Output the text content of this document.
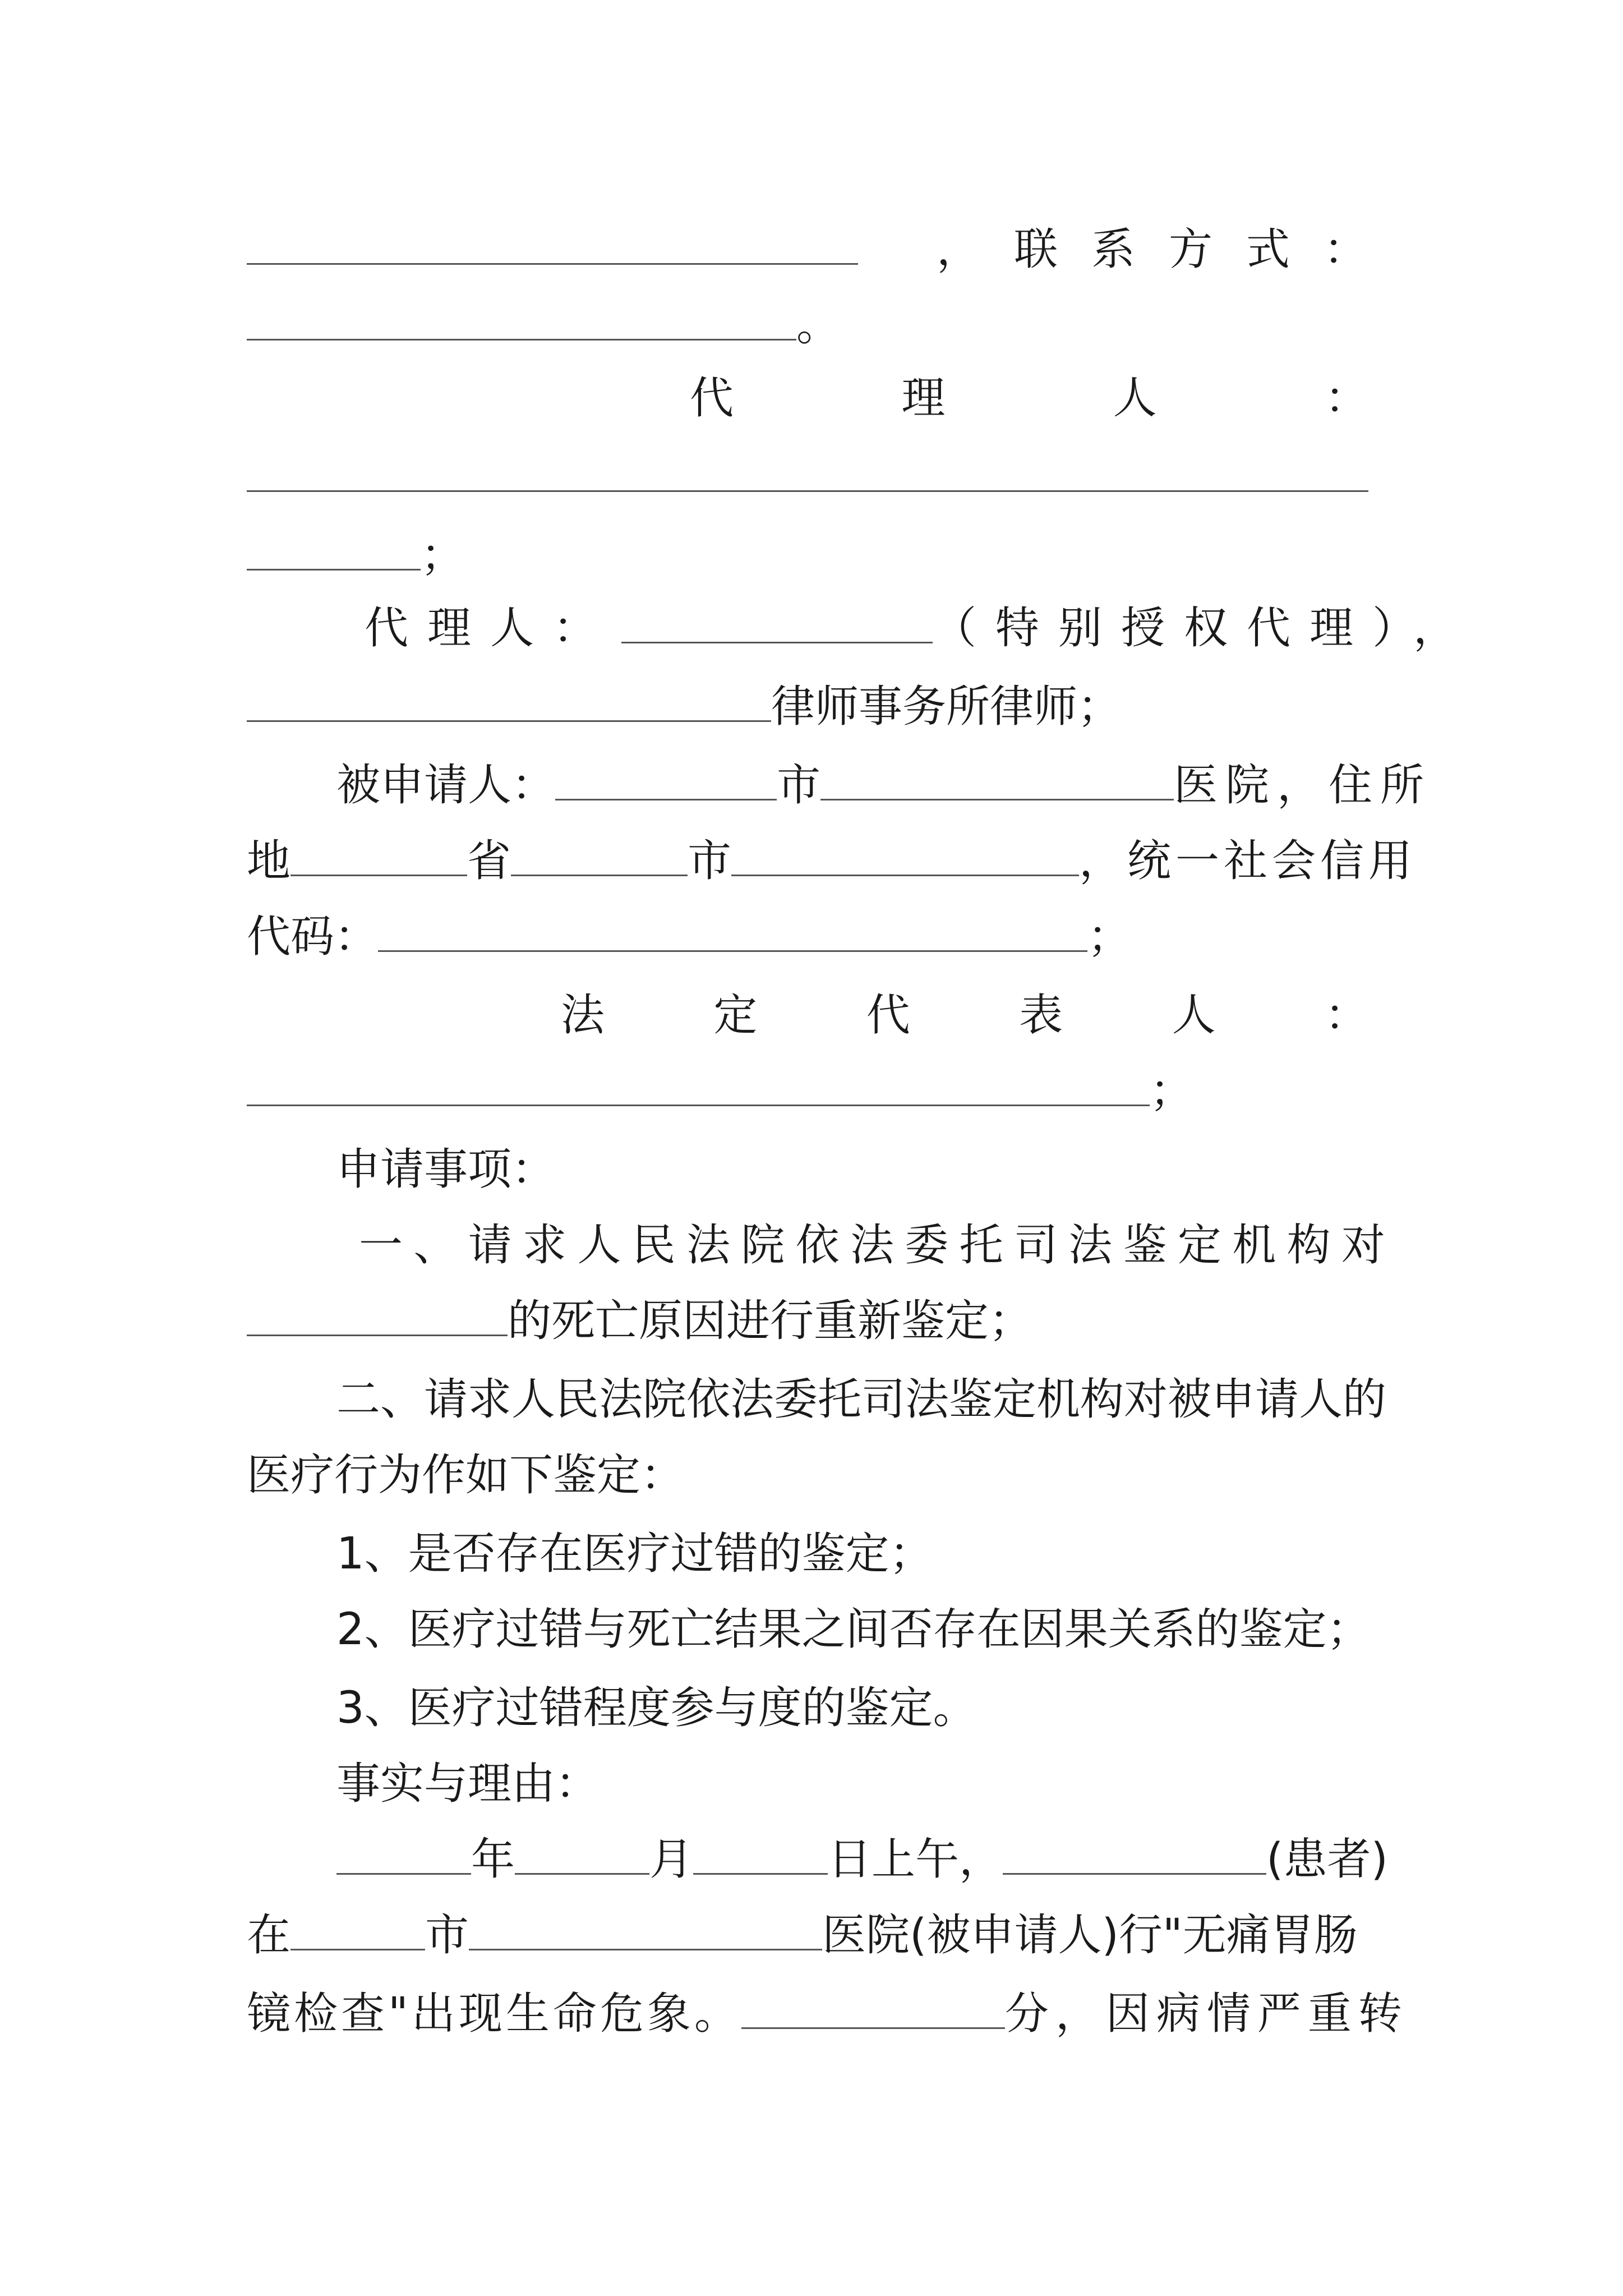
，联系方式：
。
代	理	人	：
；
代理人：	（特别授权代理），
律师事务所律师；
被申请人：	市	医院，住所
地	省	市	，统一社会信用
代码：	；
法 定 代 表 人 ：
；
申请事项：
一 、 请 求 人 民 法 院 依 法 委 托 司 法 鉴 定 机 构 对
的死亡原因进行重新鉴定；
二、请求人民法院依法委托司法鉴定机构对被申请人的
医疗行为作如下鉴定：
1、是否存在医疗过错的鉴定；
2、医疗过错与死亡结果之间否存在因果关系的鉴定；
3、医疗过错程度参与度的鉴定。
事实与理由：
年	月	日上午，	(患者)
在	市	医院(被申请人)行"无痛胃肠
镜检查"出现生命危象。	分，因病情严重转
